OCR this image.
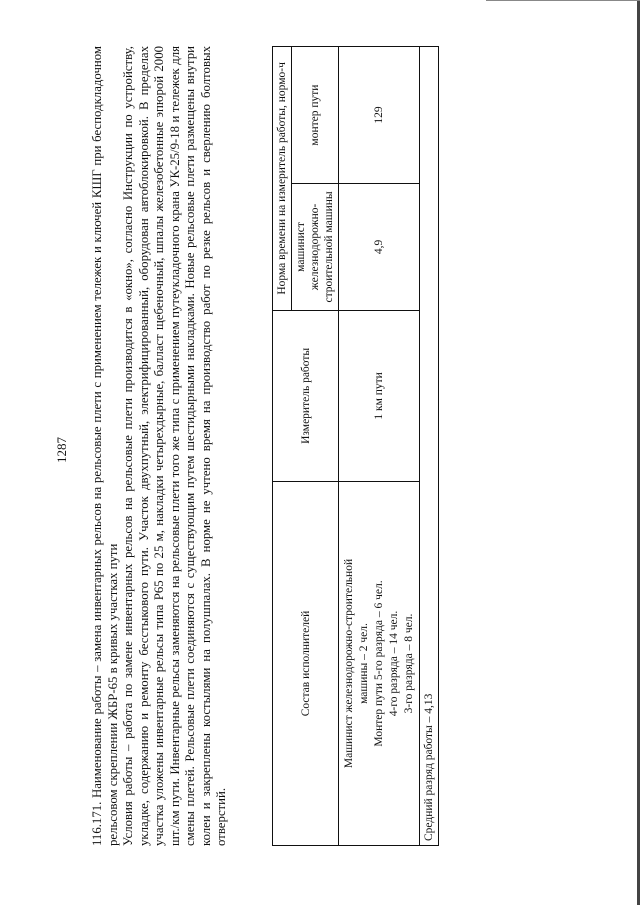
1287 116.171. Наименование работы – замена инвентарных рельсов на рельсовые плети с применением тележек и ключей КШГ при бесподкладочном рельсовом скреплении ЖБР-65 в кривых участках пути Условия работы – работа по замене инвентарных рельсов на рельсовые плети производится в «окно», согласно Инструкции по устройству, укладке, содержанию и ремонту бесстыкового пути. Участок двухпутный, электрифицированный, оборудован автоблокировкой. В пределах участка уложены инвентарные рельсы типа Р65 по 25 м, накладки четырехдырные, балласт щебеночный, шпалы железобетонные эпюрой 2000 шт./км пути. Инвентарные рельсы заменяются на рельсовые плети того же типа с применением путеукладочного крана УК-25/9-18 и тележек для смены плетей. Рельсовые плети соединяются с существующим путем шестидырными накладками. Новые рельсовые плети размещены внутри колеи и закреплены костылями на полушпалах. В норме не учтено время на производство работ по резке рельсов и сверлению болтовых отверстий.

Состав исполнителей	Измеритель работы	Норма времени на измеритель работы, нормо-ч	
		машинист железнодорожно-строительной машины	монтер пути

Машинист железнодорожно-строительной машины – 2 чел. Монтер пути 5-го разряда – 6 чел. 4-го разряда – 14 чел. 3-го разряда – 8 чел.	1 км пути	4,9	129
Средний разряд работы – 4,13			
